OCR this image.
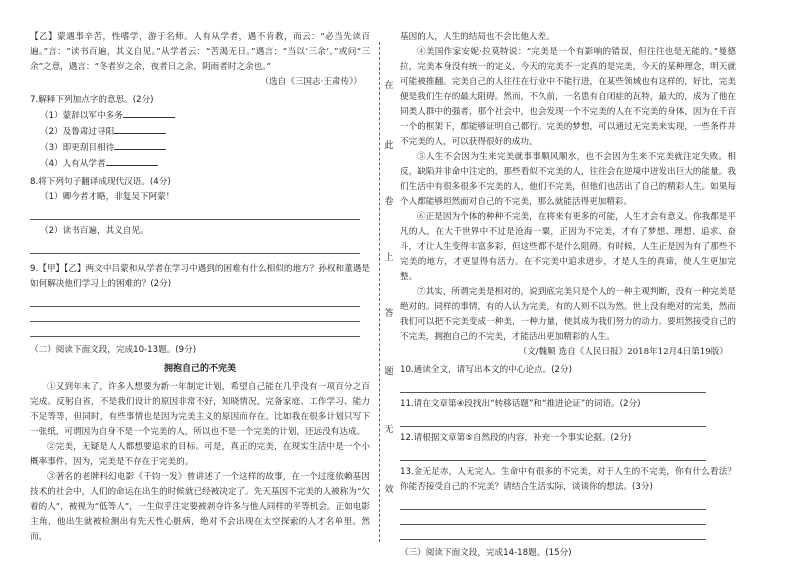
【乙】蒙遇事辛苦，性嗜学，游于名师。人有从学者，遇不肯教，而云：“必当先读百遍。”言：“读书百遍，其义自见。”从学者云：“苦渴无日。”遇言：“当以‘三余’。”或问“三余”之意，遇言：“冬者岁之余，夜者日之余，阴雨者时之余也。”

（选自《三国志·王肃传》）

7.解释下列加点字的意思。(2分)

（1）蒙辞以军中多务

（2）及鲁肃过寻阳

（3）即更刮目相待

（4）人有从学者

8.将下列句子翻译成现代汉语。(4分)

（1）卿今者才略，非复吴下阿蒙！

（2）读书百遍，其义自见。

9.【甲】【乙】两文中吕蒙和从学者在学习中遇到的困难有什么相似的地方？孙权和董遇是如何解决他们学习上的困难的？(2分)

（二）阅读下面文段，完成10-13题。(9分)

拥抱自己的不完美

①又到年末了，许多人想要为新一年制定计划，希望自己能在几乎没有一项百分之百完成。反躬自省，不是我们设计的原因非常不好，知晓情况，完备家庭、工作学习、能力不足等等，但同时，有些事情也是因为完美主义的原因而存在。比如我在很多计划只写下一张纸，可谓因为自身不是一个完美的人，所以也不是一个完美的计划，还远没有达成。

②完美，无疑是人人都想要追求的目标。可是，真正的完美，在现实生活中是一个小概率事件，因为，完美是不存在于完美的。

③著名的老牌科幻电影《千钧一发》曾讲述了一个这样的故事，在一个过度依赖基因技术的社会中，人们的命运在出生的时候就已经被决定了。先天基因不完美的人被称为“欠着的人”，被视为“低等人”，一生似乎注定要被剥夺许多与他人同样的平等机会。正如电影主角，他出生就被检测出有先天性心脏病，绝对不会出现在太空探索的人才名单里。然而，

在
此
卷
上
答
题
无
效

基因的人，人生的结局也不会比他人差。

④美国作家安妮·拉莫特说：“完美是一个有影响的错误，但往往也是无能的。”曼德拉，完美本身没有统一的定义，今天的完美不一定真的是完美，今天的某种理念，明天就可能被推翻。完美自己的人往往在行业中不能行进，在某些领域也有这样的，好比，完美便是我们生存的最大阻碍。然而，不久前，一名患有自闭症的瓦特，最大的，成为了他在同类人群中的强者，那个社会中，也会发现一个不完美的人在不完美的身体，因为在千百一个的框架下，都能够证明自己都行。完美的梦想，可以通过无完美来实现，一些条件并不完美的人，可以获得很好的成功。

⑤人生不会因为生来完美就事事顺风顺水，也不会因为生来不完美就注定失败。相反，缺陷并非命中注定的，那些看似不完美的人，往往会在逆境中迸发出巨大的能量。我们生活中有很多很多不完美的人，他们不完美，但他们也活出了自己的精彩人生。如果每个人都能够坦然面对自己的不完美，那么就能活得更加精彩。

⑥正是因为个体的种种不完美，在将来有更多的可能，人生才会有意义。你我都是平凡的人，在大千世界中不过是沧海一粟，正因为不完美，才有了梦想、理想、追求、奋斗，才让人生变得丰富多彩，但这些都不是什么阻碍。有时候，人生正是因为有了那些不完美的地方，才更显得有活力。在不完美中追求进步，才是人生的真谛，使人生更加完整。

⑦其实，所谓完美是相对的，说到底完美只是个人的一种主观判断，没有一种完美是绝对的。同样的事情，有的人认为完美，有的人则不以为然。世上没有绝对的完美，然而我们可以把不完美变成一种美，一种力量，使其成为我们努力的动力。要坦然接受自己的不完美，拥抱自己的不完美，才能活出更加精彩的人生。

（文/魏顺 选自《人民日报》2018年12月4日第19版）

10.通读全文，请写出本文的中心论点。(2分)

11.请在文章第④段找出“转移话题”和“推进论证”的词语。(2分)

12.请根据文章第⑤自然段的内容，补充一个事实论据。(2分)

13.金无足赤，人无完人。生命中有很多的不完美，对于人生的不完美，你有什么看法？你能否接受自己的不完美？请结合生活实际，谈谈你的想法。(3分)

（三）阅读下面文段，完成14-18题。(15分)
